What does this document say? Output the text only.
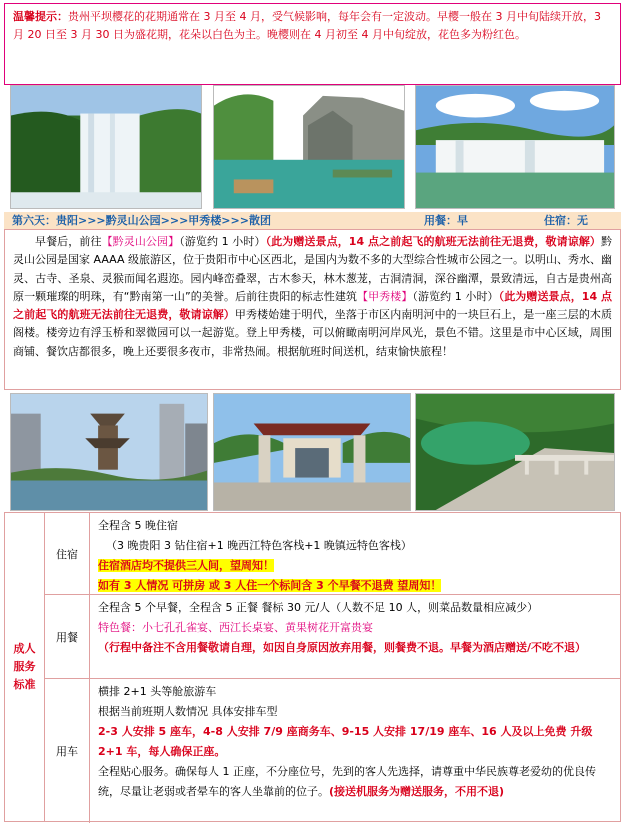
温馨提示：贵州平坝樱花的花期通常在 3 月至 4 月，受气候影响，每年会有一定波动。早樱一般在 3 月中旬陆续开放，3 月 20 日至 3 月 30 日为盛花期，花朵以白色为主。晚樱则在 4 月初至 4 月中旬绽放，花色多为粉红色。
第六天：贵阳>>>黔灵山公园>>>甲秀楼>>>散团	用餐：早	住宿：无
早餐后，前往【黔灵山公园】（游览约 1 小时）（此为赠送景点，14 点之前起飞的航班无法前往无退费，敬请谅解）黔灵山公园是国家 AAAA 级旅游区，位于贵阳市中心区西北，是国内为数不多的大型综合性城市公园之一。以明山、秀水、幽灵、古寺、圣泉、灵猴而闻名遐迩。园内峰峦叠翠，古木参天，林木葱茏，古洞清洞，深谷幽潭，景致清远，自古是贵州高原一颗璀璨的明珠，有“黔南第一山”的美誉。后前往贵阳的标志性建筑【甲秀楼】（游览约 1 小时）（此为赠送景点，14 点之前起飞的航班无法前往无退费，敬请谅解）甲秀楼始建于明代，坐落于市区内南明河中的一块巨石上，是一座三层的木质阁楼。楼旁边有浮玉桥和翠微园可以一起游览。登上甲秀楼，可以俯瞰南明河岸风光，景色不错。这里是市中心区域，周围商铺、餐饮店都很多，晚上还要很多夜市，非常热闹。根据航班时间送机，结束愉快旅程！
成人服务标准
住宿
全程含 5 晚住宿
（3 晚贵阳 3 钻住宿+1 晚西江特色客栈+1 晚镇远特色客栈）
住宿酒店均不提供三人间，望周知！
如有 3 人情况 可拼房 或 3 人住一个标间含 3 个早餐不退费 望周知！
用餐
全程含 5 个早餐，全程含 5 正餐 餐标 30 元/人（人数不足 10 人，则菜品数量相应减少）
特色餐：小七孔孔雀宴、西江长桌宴、黄果树花开富贵宴
（行程中备注不含用餐敬请自理，如因自身原因放弃用餐，则餐费不退。早餐为酒店赠送/不吃不退）
用车
横排 2+1 头等舱旅游车
根据当前班期人数情况 具体安排车型
2-3 人安排 5 座车，4-8 人安排 7/9 座商务车、9-15 人安排 17/19 座车、16 人及以上免费 升级 2+1 车，每人确保正座。
全程贴心服务。确保每人 1 正座，不分座位号，先到的客人先选择，请尊重中华民族尊老爱幼的优良传统，尽量让老弱或者晕车的客人坐靠前的位子。(接送机服务为赠送服务，不用不退)
